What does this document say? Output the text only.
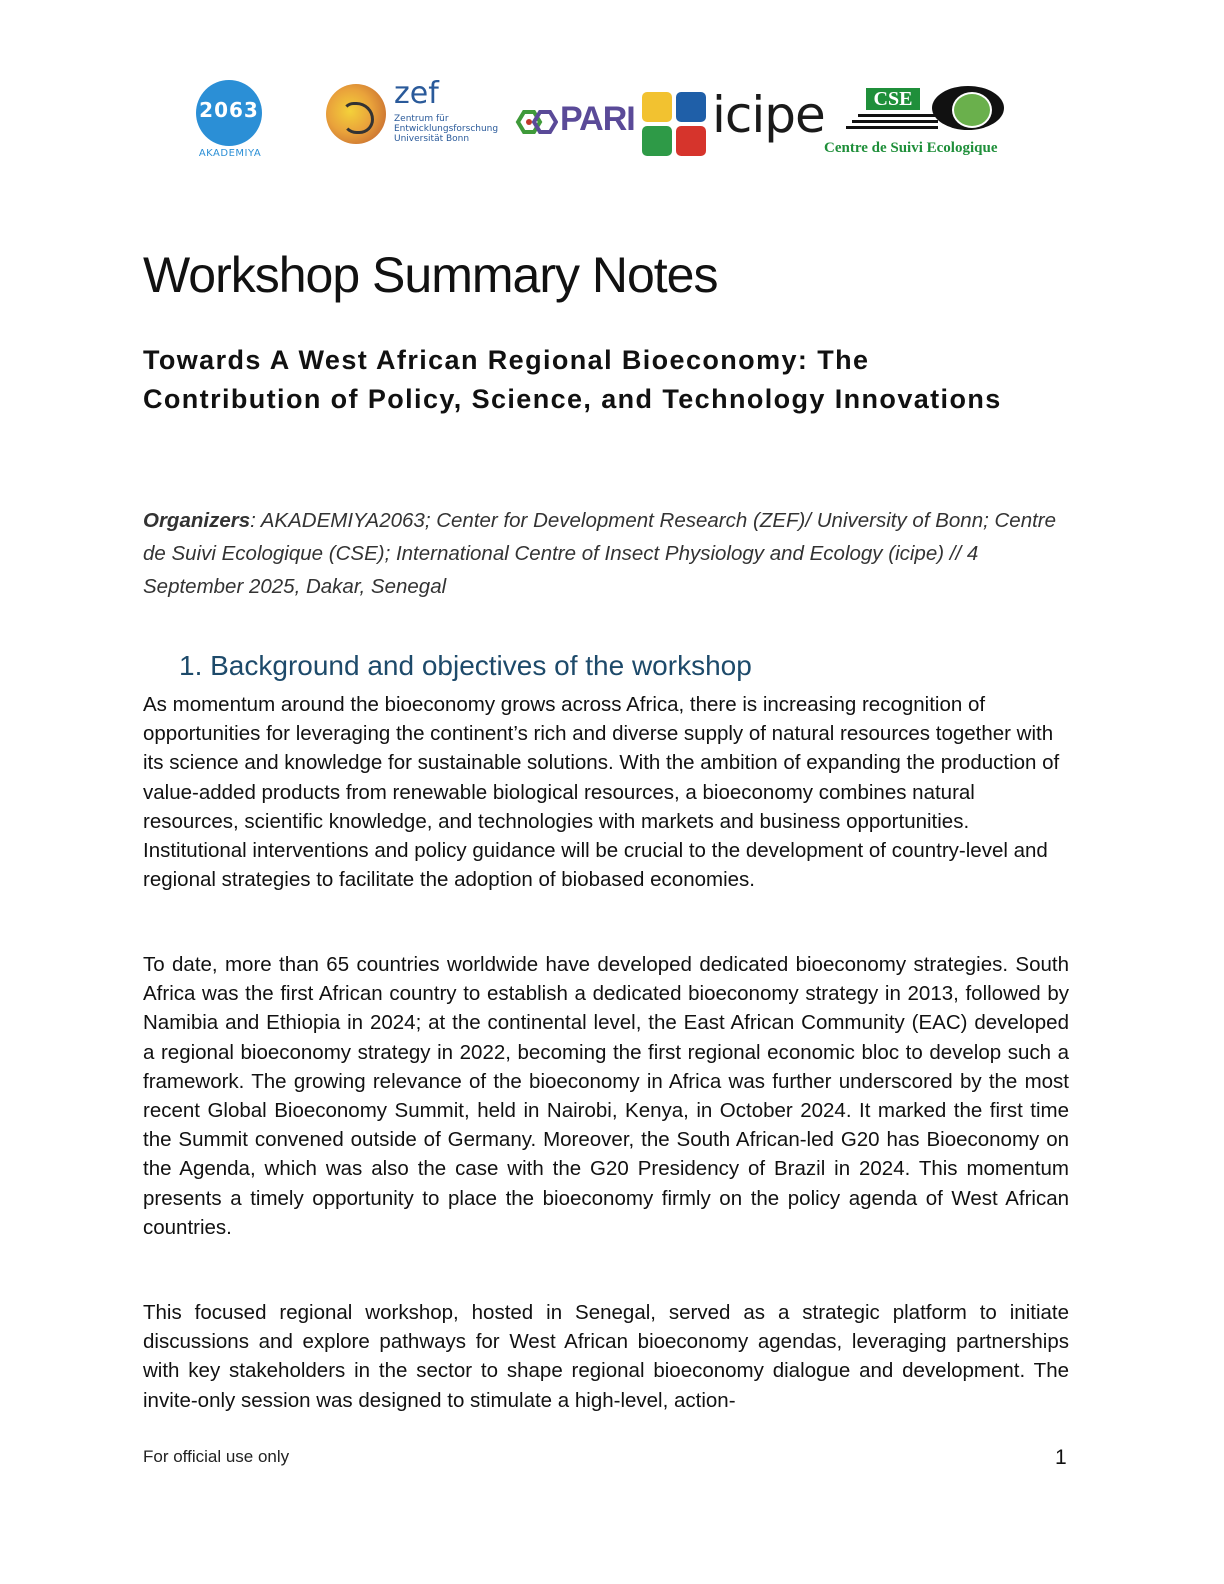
2063
AKADEMIYA
zef
Zentrum für
Entwicklungsforschung
Universität Bonn
PARI icipe	CSE
Centre de Suivi Ecologique
Workshop Summary Notes
Towards A West African Regional Bioeconomy: The Contribution of Policy, Science, and Technology Innovations
Organizers: AKADEMIYA2063; Center for Development Research (ZEF)/ University of Bonn; Centre de Suivi Ecologique (CSE); International Centre of Insect Physiology and Ecology (icipe) // 4 September 2025, Dakar, Senegal
1. Background and objectives of the workshop

As momentum around the bioeconomy grows across Africa, there is increasing recognition of opportunities for leveraging the continent’s rich and diverse supply of natural resources together with its science and knowledge for sustainable solutions. With the ambition of expanding the production of value-added products from renewable biological resources, a bioeconomy combines natural resources, scientific knowledge, and technologies with markets and business opportunities. Institutional interventions and policy guidance will be crucial to the development of country-level and regional strategies to facilitate the adoption of biobased economies.

To date, more than 65 countries worldwide have developed dedicated bioeconomy strategies. South Africa was the first African country to establish a dedicated bioeconomy strategy in 2013, followed by Namibia and Ethiopia in 2024; at the continental level, the East African Community (EAC) developed a regional bioeconomy strategy in 2022, becoming the first regional economic bloc to develop such a framework. The growing relevance of the bioeconomy in Africa was further underscored by the most recent Global Bioeconomy Summit, held in Nairobi, Kenya, in October 2024. It marked the first time the Summit convened outside of Germany. Moreover, the South African-led G20 has Bioeconomy on the Agenda, which was also the case with the G20 Presidency of Brazil in 2024. This momentum presents a timely opportunity to place the bioeconomy firmly on the policy agenda of West African countries.

This focused regional workshop, hosted in Senegal, served as a strategic platform to initiate discussions and explore pathways for West African bioeconomy agendas, leveraging partnerships with key stakeholders in the sector to shape regional bioeconomy dialogue and development. The invite-only session was designed to stimulate a high-level, action-

For official use only	1
